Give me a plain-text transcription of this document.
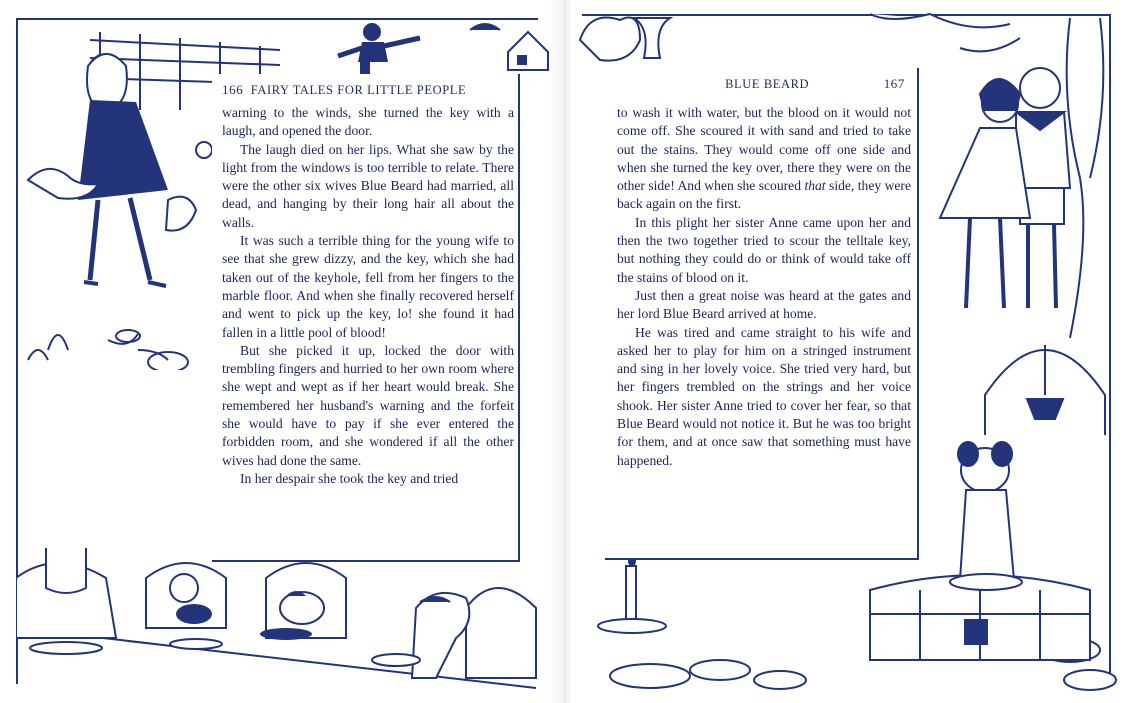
166 FAIRY TALES FOR LITTLE PEOPLE

warning to the winds, she turned the key with a laugh, and opened the door.

The laugh died on her lips. What she saw by the light from the windows is too terrible to relate. There were the other six wives Blue Beard had married, all dead, and hanging by their long hair all about the walls.

It was such a terrible thing for the young wife to see that she grew dizzy, and the key, which she had taken out of the keyhole, fell from her fingers to the marble floor. And when she finally recovered herself and went to pick up the key, lo! she found it had fallen in a little pool of blood!

But she picked it up, locked the door with trembling fingers and hurried to her own room where she wept and wept as if her heart would break. She remembered her husband's warning and the forfeit she would have to pay if she ever entered the forbidden room, and she wondered if all the other wives had done the same.

In her despair she took the key and tried

BLUE BEARD	167

to wash it with water, but the blood on it would not come off. She scoured it with sand and tried to take out the stains. They would come off one side and when she turned the key over, there they were on the other side! And when she scoured that side, they were back again on the first.

In this plight her sister Anne came upon her and then the two together tried to scour the telltale key, but nothing they could do or think of would take off the stains of blood on it.

Just then a great noise was heard at the gates and her lord Blue Beard arrived at home.

He was tired and came straight to his wife and asked her to play for him on a stringed instrument and sing in her lovely voice. She tried very hard, but her fingers trembled on the strings and her voice shook. Her sister Anne tried to cover her fear, so that Blue Beard would not notice it. But he was too bright for them, and at once saw that something must have happened.
